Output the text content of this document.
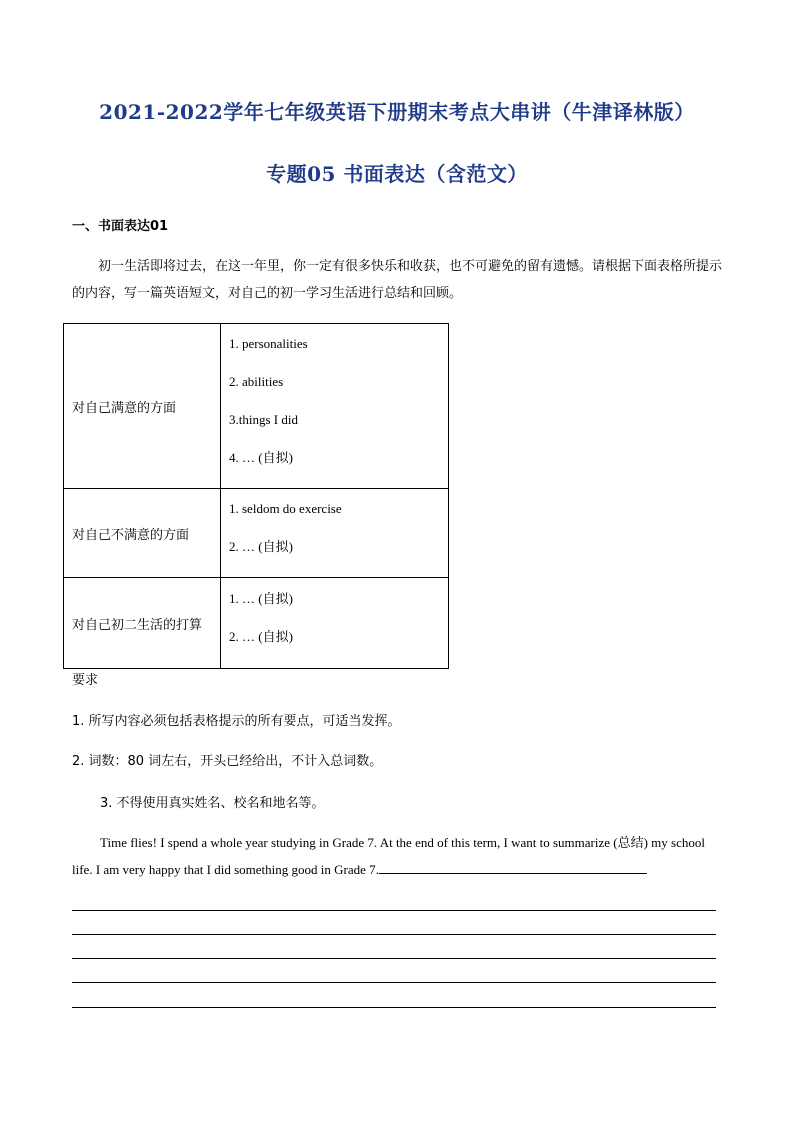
2021-2022学年七年级英语下册期末考点大串讲（牛津译林版）
专题05 书面表达（含范文）
一、书面表达01

初一生活即将过去，在这一年里，你一定有很多快乐和收获，也不可避免的留有遗憾。请根据下面表格所提示的内容，写一篇英语短文，对自己的初一学习生活进行总结和回顾。

对自己满意的方面	1. personalities
2. abilities
3.things I did
4. … (自拟)

对自己不满意的方面	1. seldom do exercise
2. … (自拟)

对自己初二生活的打算	1. … (自拟)
2. … (自拟)
要求
1. 所写内容必须包括表格提示的所有要点，可适当发挥。
2. 词数：80 词左右，开头已经给出，不计入总词数。
3. 不得使用真实姓名、校名和地名等。

Time flies! I spend a whole year studying in Grade 7. At the end of this term, I want to summarize (总结) my school life. I am very happy that I did something good in Grade 7.
